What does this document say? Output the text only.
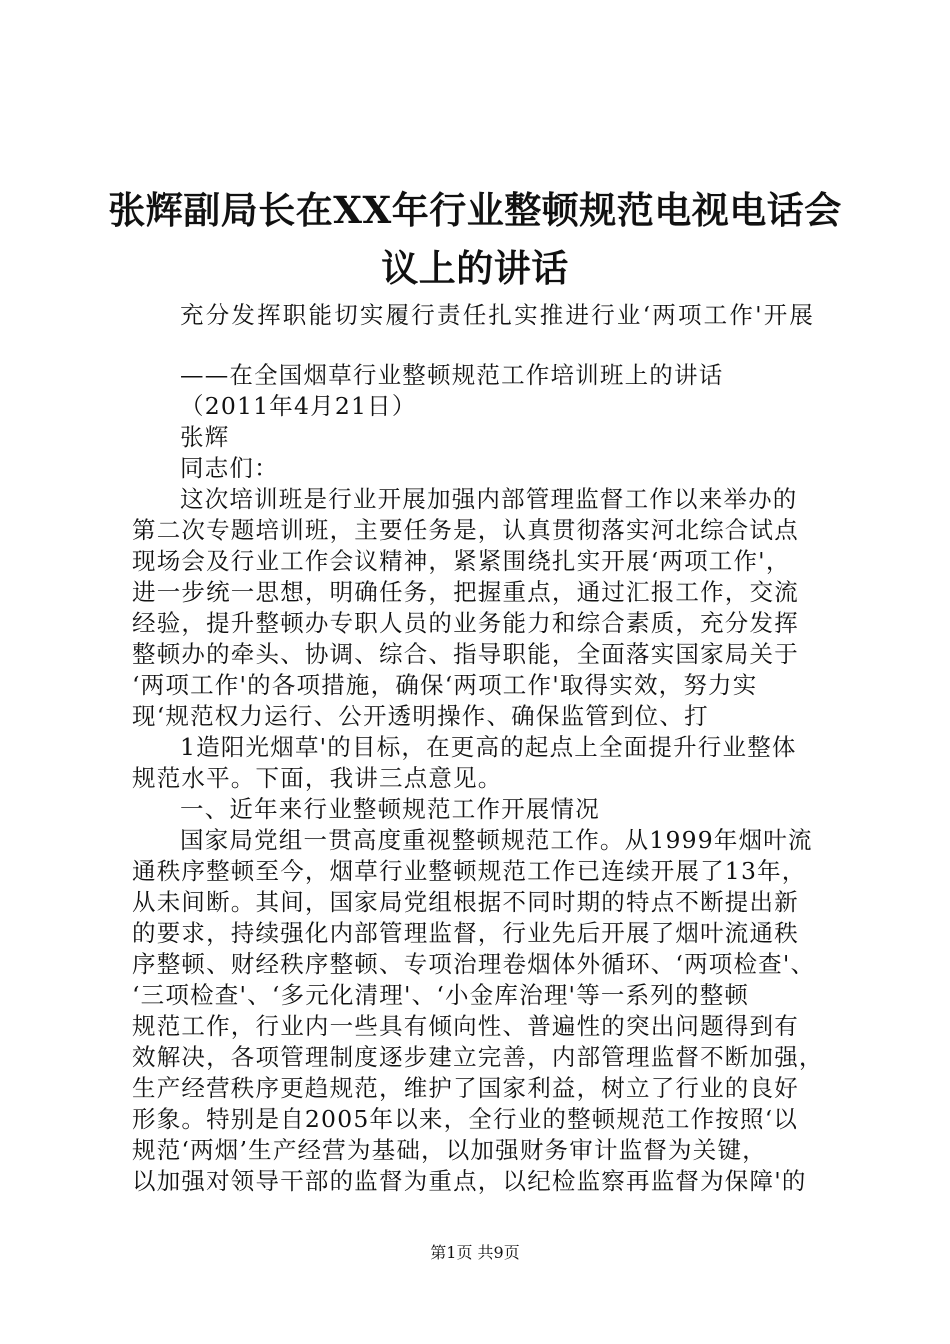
张辉副局长在XX年行业整顿规范电视电话会
议上的讲话
充分发挥职能切实履行责任扎实推进行业‘两项工作'开展
——在全国烟草行业整顿规范工作培训班上的讲话
（2011年4月21日）
张辉
同志们：
这次培训班是行业开展加强内部管理监督工作以来举办的
第二次专题培训班，主要任务是，认真贯彻落实河北综合试点
现场会及行业工作会议精神，紧紧围绕扎实开展‘两项工作'，
进一步统一思想，明确任务，把握重点，通过汇报工作，交流
经验，提升整顿办专职人员的业务能力和综合素质，充分发挥
整顿办的牵头、协调、综合、指导职能，全面落实国家局关于
‘两项工作'的各项措施，确保‘两项工作'取得实效，努力实
现‘规范权力运行、公开透明操作、确保监管到位、打
1造阳光烟草'的目标，在更高的起点上全面提升行业整体
规范水平。下面，我讲三点意见。
一、近年来行业整顿规范工作开展情况
国家局党组一贯高度重视整顿规范工作。从1999年烟叶流
通秩序整顿至今，烟草行业整顿规范工作已连续开展了13年，
从未间断。其间，国家局党组根据不同时期的特点不断提出新
的要求，持续强化内部管理监督，行业先后开展了烟叶流通秩
序整顿、财经秩序整顿、专项治理卷烟体外循环、‘两项检查'、
‘三项检查'、‘多元化清理'、‘小金库治理'等一系列的整顿
规范工作，行业内一些具有倾向性、普遍性的突出问题得到有
效解决，各项管理制度逐步建立完善，内部管理监督不断加强，
生产经营秩序更趋规范，维护了国家利益，树立了行业的良好
形象。特别是自2005年以来，全行业的整顿规范工作按照‘以
规范‘两烟’生产经营为基础，以加强财务审计监督为关键，
以加强对领导干部的监督为重点，以纪检监察再监督为保障'的
第1页 共9页
